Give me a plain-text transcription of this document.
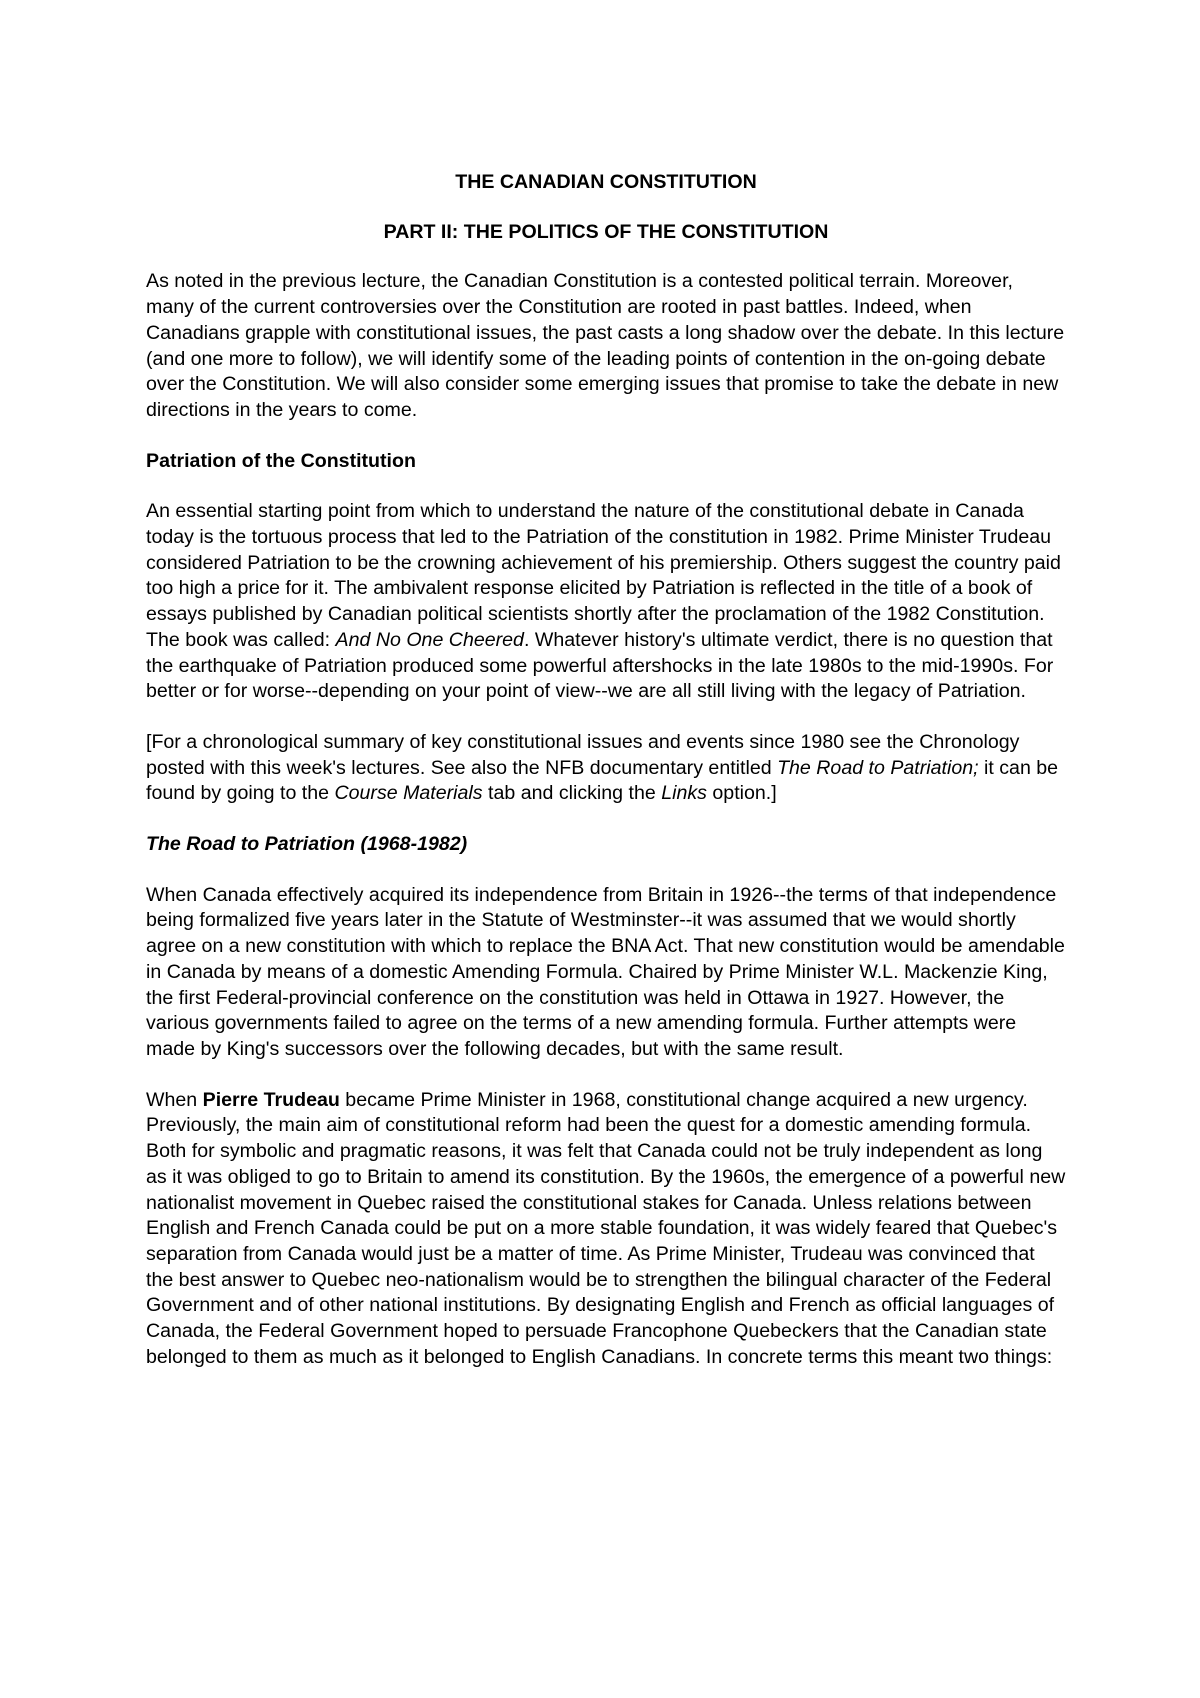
THE CANADIAN CONSTITUTION
PART II: THE POLITICS OF THE CONSTITUTION

As noted in the previous lecture, the Canadian Constitution is a contested political terrain. Moreover, many of the current controversies over the Constitution are rooted in past battles. Indeed, when Canadians grapple with constitutional issues, the past casts a long shadow over the debate. In this lecture (and one more to follow), we will identify some of the leading points of contention in the on-going debate over the Constitution. We will also consider some emerging issues that promise to take the debate in new directions in the years to come.

Patriation of the Constitution

An essential starting point from which to understand the nature of the constitutional debate in Canada today is the tortuous process that led to the Patriation of the constitution in 1982. Prime Minister Trudeau considered Patriation to be the crowning achievement of his premiership. Others suggest the country paid too high a price for it. The ambivalent response elicited by Patriation is reflected in the title of a book of essays published by Canadian political scientists shortly after the proclamation of the 1982 Constitution. The book was called: And No One Cheered. Whatever history's ultimate verdict, there is no question that the earthquake of Patriation produced some powerful aftershocks in the late 1980s to the mid-1990s. For better or for worse--depending on your point of view--we are all still living with the legacy of Patriation.

[For a chronological summary of key constitutional issues and events since 1980 see the Chronology posted with this week's lectures. See also the NFB documentary entitled The Road to Patriation; it can be found by going to the Course Materials tab and clicking the Links option.]

The Road to Patriation (1968-1982)

When Canada effectively acquired its independence from Britain in 1926--the terms of that independence being formalized five years later in the Statute of Westminster--it was assumed that we would shortly agree on a new constitution with which to replace the BNA Act. That new constitution would be amendable in Canada by means of a domestic Amending Formula. Chaired by Prime Minister W.L. Mackenzie King, the first Federal-provincial conference on the constitution was held in Ottawa in 1927. However, the various governments failed to agree on the terms of a new amending formula. Further attempts were made by King's successors over the following decades, but with the same result.

When Pierre Trudeau became Prime Minister in 1968, constitutional change acquired a new urgency. Previously, the main aim of constitutional reform had been the quest for a domestic amending formula. Both for symbolic and pragmatic reasons, it was felt that Canada could not be truly independent as long as it was obliged to go to Britain to amend its constitution. By the 1960s, the emergence of a powerful new nationalist movement in Quebec raised the constitutional stakes for Canada. Unless relations between English and French Canada could be put on a more stable foundation, it was widely feared that Quebec's separation from Canada would just be a matter of time. As Prime Minister, Trudeau was convinced that the best answer to Quebec neo-nationalism would be to strengthen the bilingual character of the Federal Government and of other national institutions. By designating English and French as official languages of Canada, the Federal Government hoped to persuade Francophone Quebeckers that the Canadian state belonged to them as much as it belonged to English Canadians. In concrete terms this meant two things:
